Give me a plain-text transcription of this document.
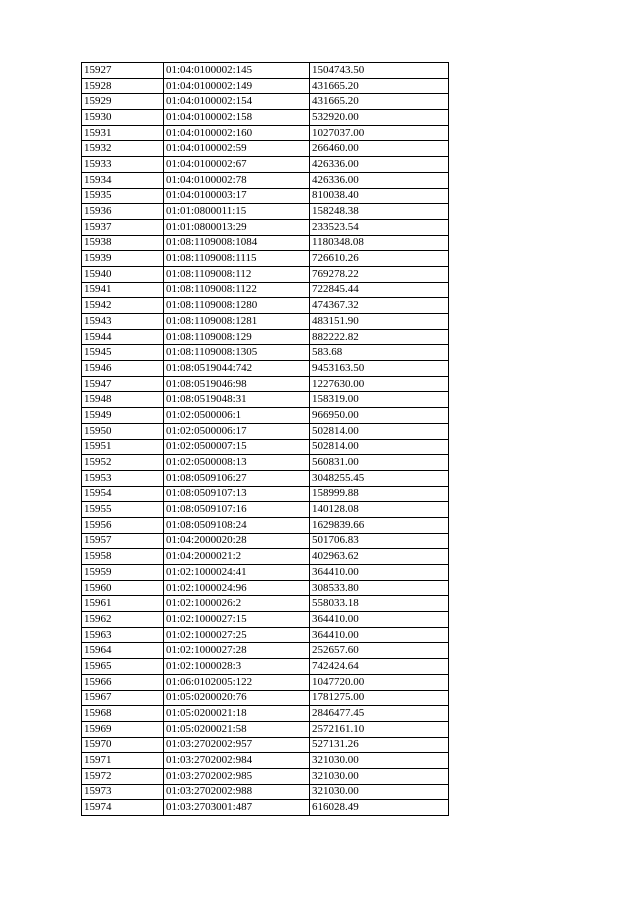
15927	01:04:0100002:145	1504743.50
15928	01:04:0100002:149	431665.20
15929	01:04:0100002:154	431665.20
15930	01:04:0100002:158	532920.00
15931	01:04:0100002:160	1027037.00
15932	01:04:0100002:59	266460.00
15933	01:04:0100002:67	426336.00
15934	01:04:0100002:78	426336.00
15935	01:04:0100003:17	810038.40
15936	01:01:0800011:15	158248.38
15937	01:01:0800013:29	233523.54
15938	01:08:1109008:1084	1180348.08
15939	01:08:1109008:1115	726610.26
15940	01:08:1109008:112	769278.22
15941	01:08:1109008:1122	722845.44
15942	01:08:1109008:1280	474367.32
15943	01:08:1109008:1281	483151.90
15944	01:08:1109008:129	882222.82
15945	01:08:1109008:1305	583.68
15946	01:08:0519044:742	9453163.50
15947	01:08:0519046:98	1227630.00
15948	01:08:0519048:31	158319.00
15949	01:02:0500006:1	966950.00
15950	01:02:0500006:17	502814.00
15951	01:02:0500007:15	502814.00
15952	01:02:0500008:13	560831.00
15953	01:08:0509106:27	3048255.45
15954	01:08:0509107:13	158999.88
15955	01:08:0509107:16	140128.08
15956	01:08:0509108:24	1629839.66
15957	01:04:2000020:28	501706.83
15958	01:04:2000021:2	402963.62
15959	01:02:1000024:41	364410.00
15960	01:02:1000024:96	308533.80
15961	01:02:1000026:2	558033.18
15962	01:02:1000027:15	364410.00
15963	01:02:1000027:25	364410.00
15964	01:02:1000027:28	252657.60
15965	01:02:1000028:3	742424.64
15966	01:06:0102005:122	1047720.00
15967	01:05:0200020:76	1781275.00
15968	01:05:0200021:18	2846477.45
15969	01:05:0200021:58	2572161.10
15970	01:03:2702002:957	527131.26
15971	01:03:2702002:984	321030.00
15972	01:03:2702002:985	321030.00
15973	01:03:2702002:988	321030.00
15974	01:03:2703001:487	616028.49
